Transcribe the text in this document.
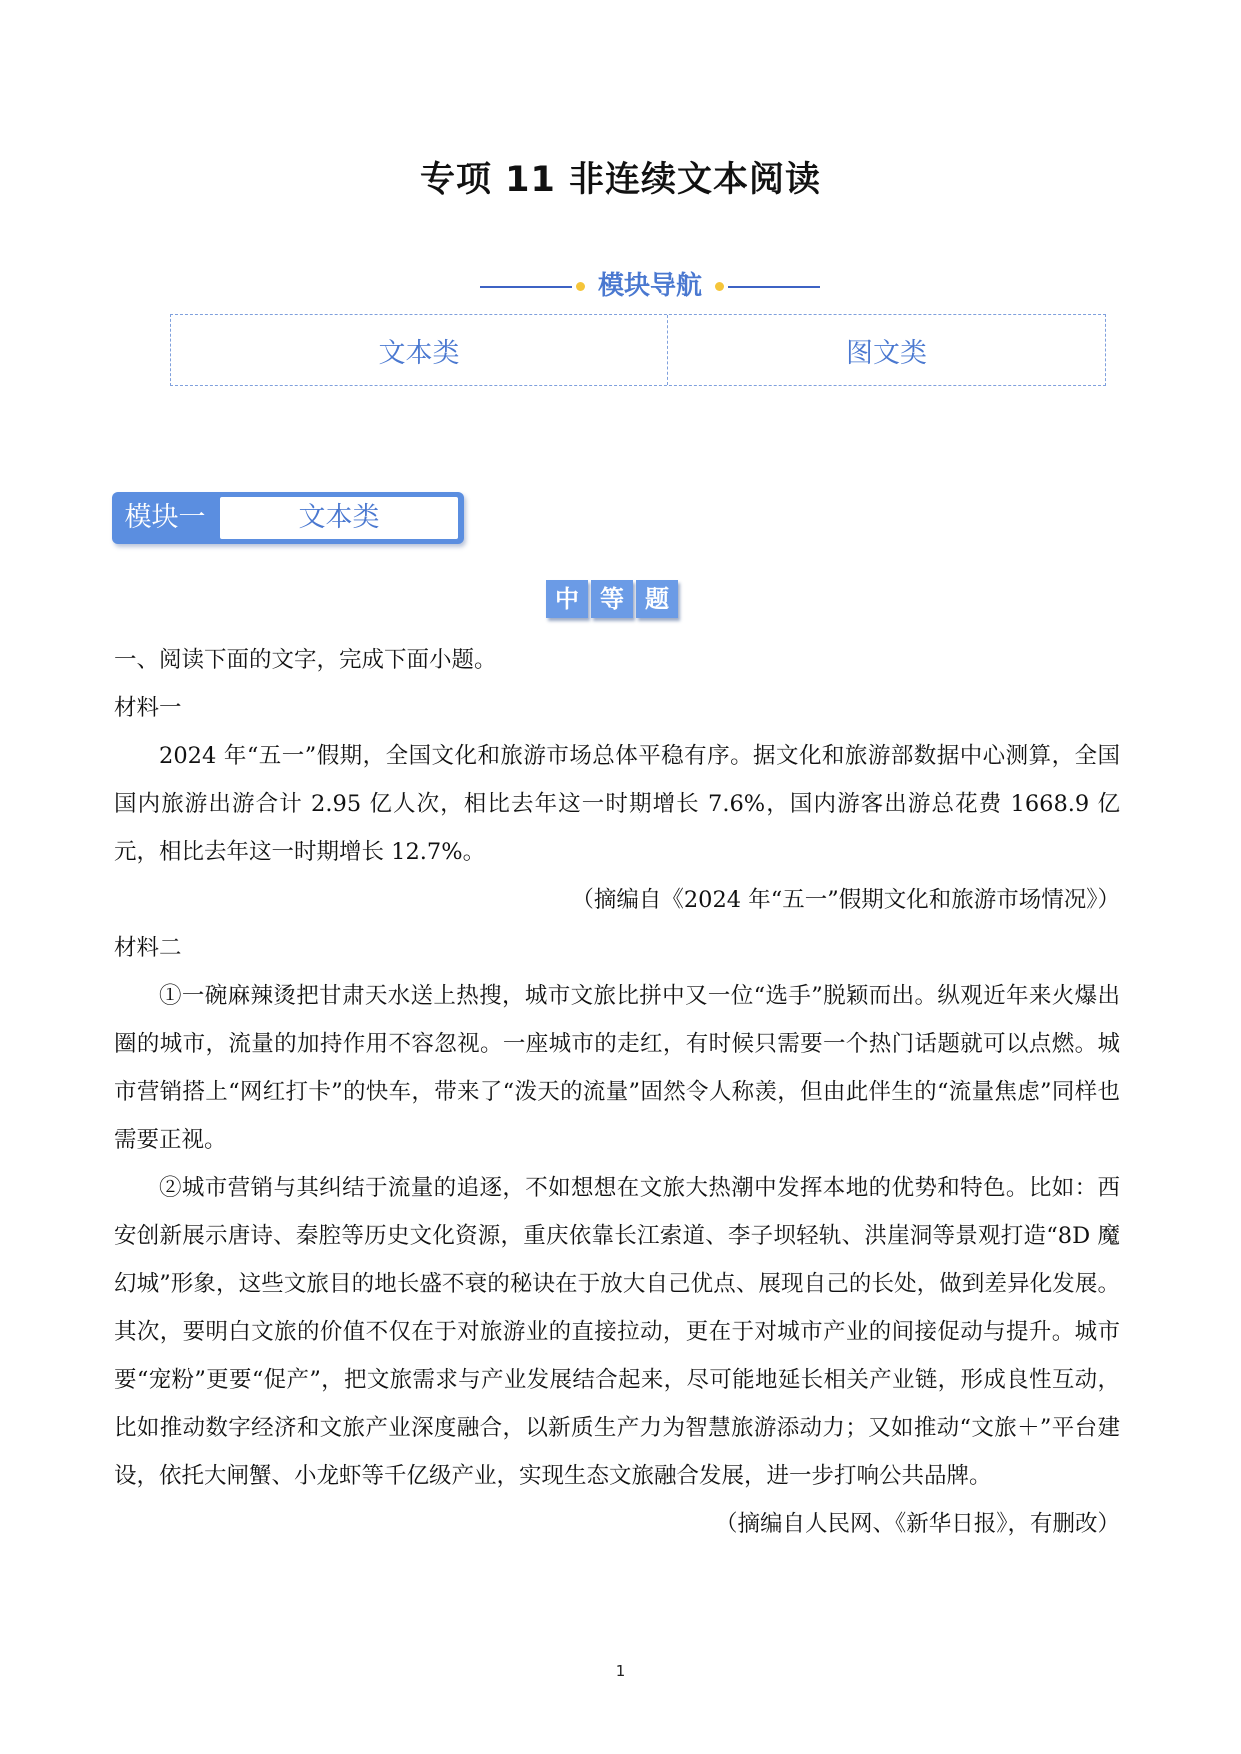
专项 11 非连续文本阅读
模块导航
文本类	图文类
模块一	文本类
中 等 题

一、阅读下面的文字，完成下面小题。

材料一

2024 年“五一”假期，全国文化和旅游市场总体平稳有序。据文化和旅游部数据中心测算，全国国内旅游出游合计 2.95 亿人次，相比去年这一时期增长 7.6%，国内游客出游总花费 1668.9 亿元，相比去年这一时期增长 12.7%。

（摘编自《2024 年“五一”假期文化和旅游市场情况》）

材料二

①一碗麻辣烫把甘肃天水送上热搜，城市文旅比拼中又一位“选手”脱颖而出。纵观近年来火爆出圈的城市，流量的加持作用不容忽视。一座城市的走红，有时候只需要一个热门话题就可以点燃。城市营销搭上“网红打卡”的快车，带来了“泼天的流量”固然令人称羡，但由此伴生的“流量焦虑”同样也需要正视。

②城市营销与其纠结于流量的追逐，不如想想在文旅大热潮中发挥本地的优势和特色。比如：西安创新展示唐诗、秦腔等历史文化资源，重庆依靠长江索道、李子坝轻轨、洪崖洞等景观打造“8D 魔幻城”形象，这些文旅目的地长盛不衰的秘诀在于放大自己优点、展现自己的长处，做到差异化发展。其次，要明白文旅的价值不仅在于对旅游业的直接拉动，更在于对城市产业的间接促动与提升。城市要“宠粉”更要“促产”，把文旅需求与产业发展结合起来，尽可能地延长相关产业链，形成良性互动，比如推动数字经济和文旅产业深度融合，以新质生产力为智慧旅游添动力；又如推动“文旅＋”平台建设，依托大闸蟹、小龙虾等千亿级产业，实现生态文旅融合发展，进一步打响公共品牌。

（摘编自人民网、《新华日报》，有删改）

1
